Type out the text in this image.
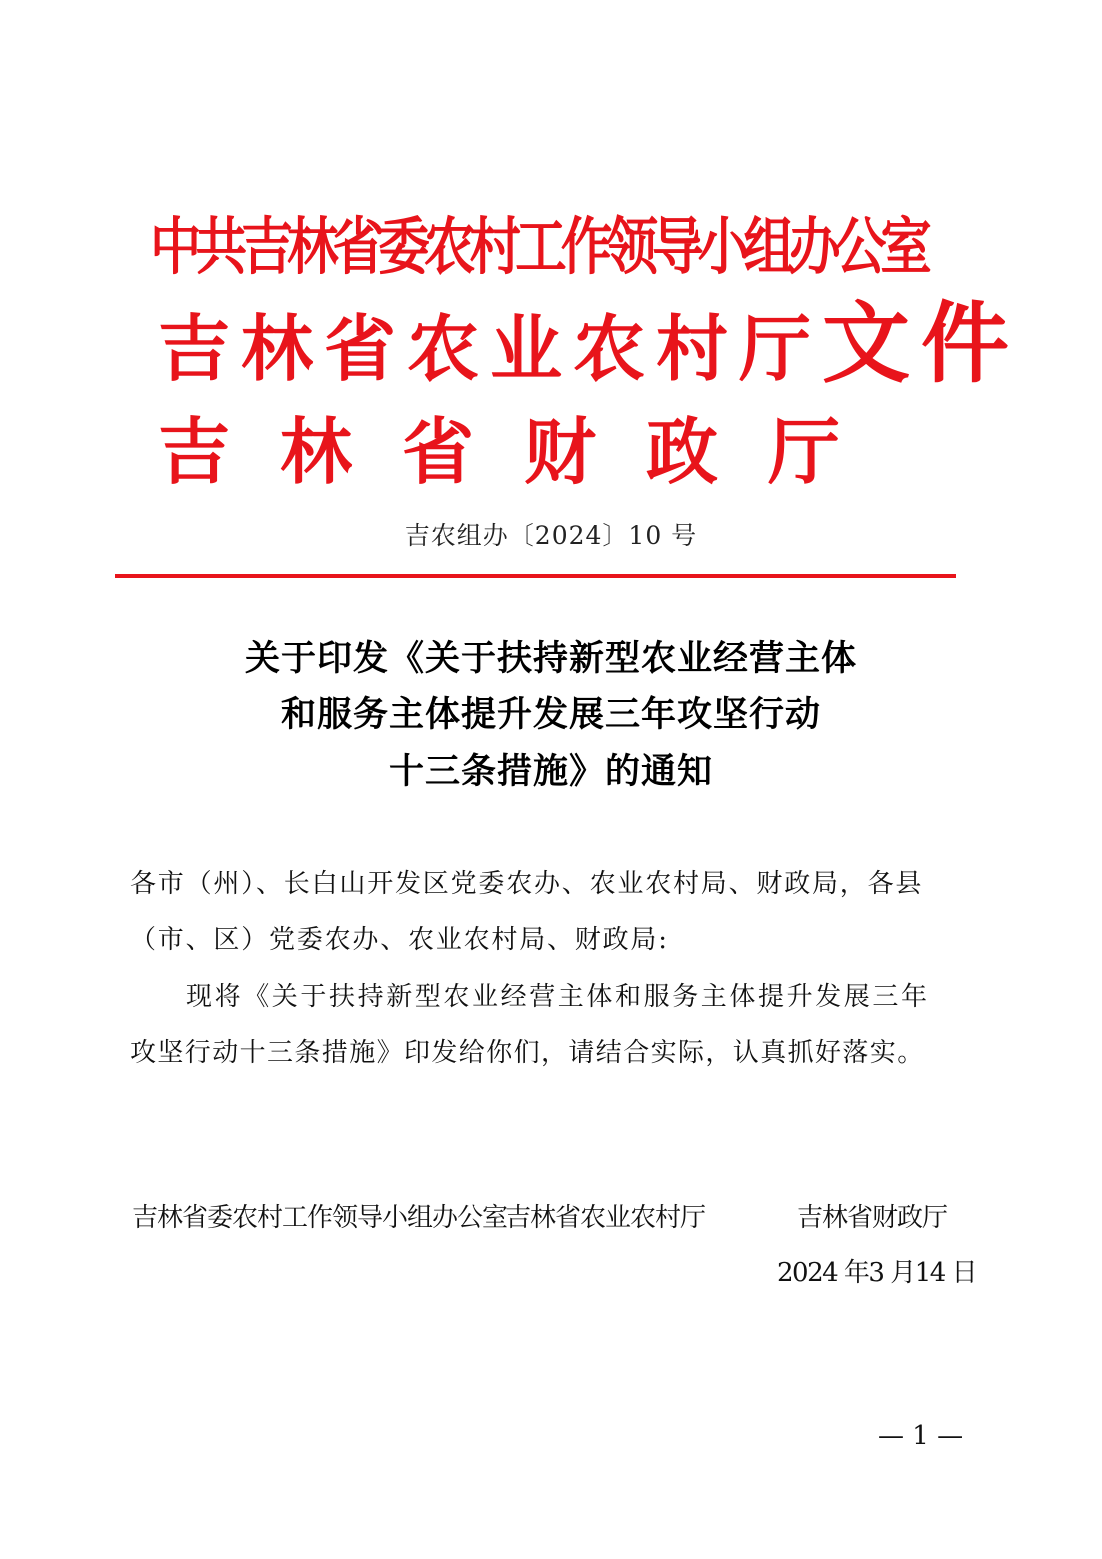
中共吉林省委农村工作领导小组办公室
吉林省农业农村厅文件
吉林省财政厅
吉农组办〔2024〕10 号
关于印发《关于扶持新型农业经营主体
和服务主体提升发展三年攻坚行动
十三条措施》的通知
各市（州）、长白山开发区党委农办、农业农村局、财政局，各县
（市、区）党委农办、农业农村局、财政局:
现将《关于扶持新型农业经营主体和服务主体提升发展三年
攻坚行动十三条措施》印发给你们，请结合实际，认真抓好落实。
吉林省委农村工作领导小组办公室
吉林省农业农村厅	吉林省财政厅
2024 年3 月14 日
— 1 —
